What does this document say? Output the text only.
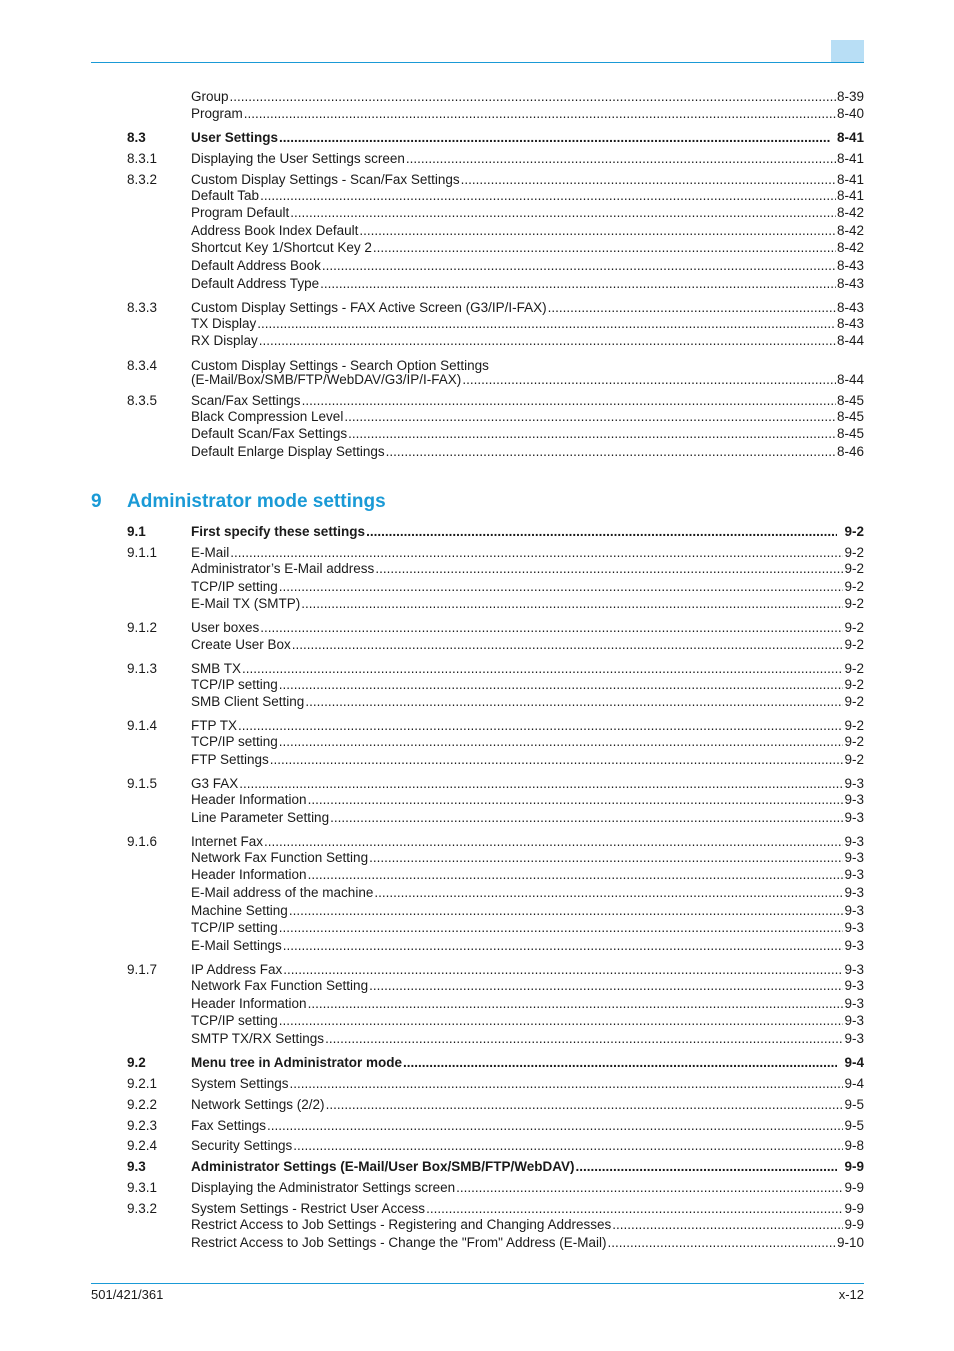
Group .....	8-39
Program .....	8-40
8.3	User Settings .....	8-41
8.3.1	Displaying the User Settings screen .....	8-41
8.3.2	Custom Display Settings - Scan/Fax Settings .....	8-41
Default Tab .....	8-41
Program Default .....	8-42
Address Book Index Default .....	8-42
Shortcut Key 1/Shortcut Key 2 .....	8-42
Default Address Book .....	8-43
Default Address Type .....	8-43
8.3.3	Custom Display Settings - FAX Active Screen (G3/IP/I-FAX) .....	8-43
TX Display .....	8-43
RX Display .....	8-44
8.3.4	Custom Display Settings - Search Option Settings
(E-Mail/Box/SMB/FTP/WebDAV/G3/IP/I-FAX) .....	8-44
8.3.5	Scan/Fax Settings .....	8-45
Black Compression Level .....	8-45
Default Scan/Fax Settings .....	8-45
Default Enlarge Display Settings .....	8-46
9 Administrator mode settings
9.1	First specify these settings .....	9-2
9.1.1	E-Mail .....	9-2
Administrator’s E-Mail address .....	9-2
TCP/IP setting .....	9-2
E-Mail TX (SMTP) .....	9-2
9.1.2	User boxes .....	9-2
Create User Box .....	9-2
9.1.3	SMB TX .....	9-2
TCP/IP setting .....	9-2
SMB Client Setting .....	9-2
9.1.4	FTP TX .....	9-2
TCP/IP setting .....	9-2
FTP Settings .....	9-2
9.1.5	G3 FAX .....	9-3
Header Information .....	9-3
Line Parameter Setting .....	9-3
9.1.6	Internet Fax .....	9-3
Network Fax Function Setting .....	9-3
Header Information .....	9-3
E-Mail address of the machine .....	9-3
Machine Setting .....	9-3
TCP/IP setting .....	9-3
E-Mail Settings .....	9-3
9.1.7	IP Address Fax .....	9-3
Network Fax Function Setting .....	9-3
Header Information .....	9-3
TCP/IP setting .....	9-3
SMTP TX/RX Settings .....	9-3
9.2	Menu tree in Administrator mode .....	9-4
9.2.1	System Settings .....	9-4
9.2.2	Network Settings (2/2) .....	9-5
9.2.3	Fax Settings .....	9-5
9.2.4	Security Settings .....	9-8
9.3	Administrator Settings (E-Mail/User Box/SMB/FTP/WebDAV) .....	9-9
9.3.1	Displaying the Administrator Settings screen .....	9-9
9.3.2	System Settings - Restrict User Access .....	9-9
Restrict Access to Job Settings - Registering and Changing Addresses .....	9-9
Restrict Access to Job Settings - Change the "From" Address (E-Mail) .....	9-10
501/421/361	x-12
